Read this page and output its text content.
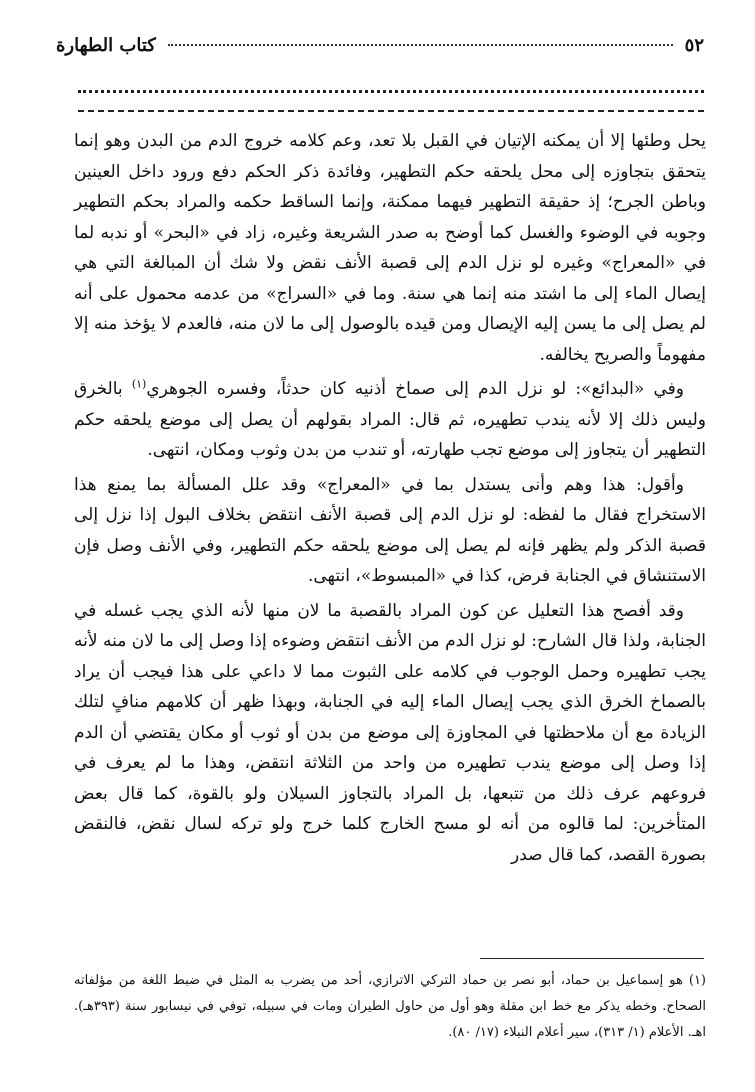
٥٢
كتاب الطهارة

يحل وطئها إلا أن يمكنه الإتيان في القبل بلا تعد، وعم كلامه خروج الدم من البدن وهو إنما يتحقق بتجاوزه إلى محل يلحقه حكم التطهير، وفائدة ذكر الحكم دفع ورود داخل العينين وباطن الجرح؛ إذ حقيقة التطهير فيهما ممكنة، وإنما الساقط حكمه والمراد بحكم التطهير وجوبه في الوضوء والغسل كما أوضح به صدر الشريعة وغيره، زاد في «البحر» أو ندبه لما في «المعراج» وغيره لو نزل الدم إلى قصبة الأنف نقض ولا شك أن المبالغة التي هي إيصال الماء إلى ما اشتد منه إنما هي سنة. وما في «السراج» من عدمه محمول على أنه لم يصل إلى ما يسن إليه الإيصال ومن قيده بالوصول إلى ما لان منه، فالعدم لا يؤخذ منه إلا مفهوماً والصريح يخالفه.

وفي «البدائع»: لو نزل الدم إلى صماخ أذنيه كان حدثاً، وفسره الجوهري$^{(١)}$ بالخرق وليس ذلك إلا لأنه يندب تطهيره، ثم قال: المراد بقولهم أن يصل إلى موضع يلحقه حكم التطهير أن يتجاوز إلى موضع تجب طهارته، أو تندب من بدن وثوب ومكان، انتهى.

وأقول: هذا وهم وأنى يستدل بما في «المعراج» وقد علل المسألة بما يمنع هذا الاستخراج فقال ما لفظه: لو نزل الدم إلى قصبة الأنف انتقض بخلاف البول إذا نزل إلى قصبة الذكر ولم يظهر فإنه لم يصل إلى موضع يلحقه حكم التطهير، وفي الأنف وصل فإن الاستنشاق في الجنابة فرض، كذا في «المبسوط»، انتهى.

وقد أفصح هذا التعليل عن كون المراد بالقصبة ما لان منها لأنه الذي يجب غسله في الجنابة، ولذا قال الشارح: لو نزل الدم من الأنف انتقض وضوءه إذا وصل إلى ما لان منه لأنه يجب تطهيره وحمل الوجوب في كلامه على الثبوت مما لا داعي على هذا فيجب أن يراد بالصماخ الخرق الذي يجب إيصال الماء إليه في الجنابة، وبهذا ظهر أن كلامهم منافٍ لتلك الزيادة مع أن ملاحظتها في المجاوزة إلى موضع من بدن أو ثوب أو مكان يقتضي أن الدم إذا وصل إلى موضع يندب تطهيره من واحد من الثلاثة انتقض، وهذا ما لم يعرف في فروعهم عرف ذلك من تتبعها، بل المراد بالتجاوز السيلان ولو بالقوة، كما قال بعض المتأخرين: لما قالوه من أنه لو مسح الخارج كلما خرج ولو تركه لسال نقض، فالنقض بصورة القصد، كما قال صدر

(١) هو إسماعيل بن حماد، أبو نصر بن حماد التركي الاترازي، أحد من يضرب به المثل في ضبط اللغة من مؤلفاته الصحاح. وخطه يذكر مع خط ابن مقلة وهو أول من حاول الطيران ومات في سبيله، توفي في نيسابور سنة (٣٩٣هـ). اهـ. الأعلام (١/ ٣١٣)، سير أعلام النبلاء (١٧/ ٨٠).
